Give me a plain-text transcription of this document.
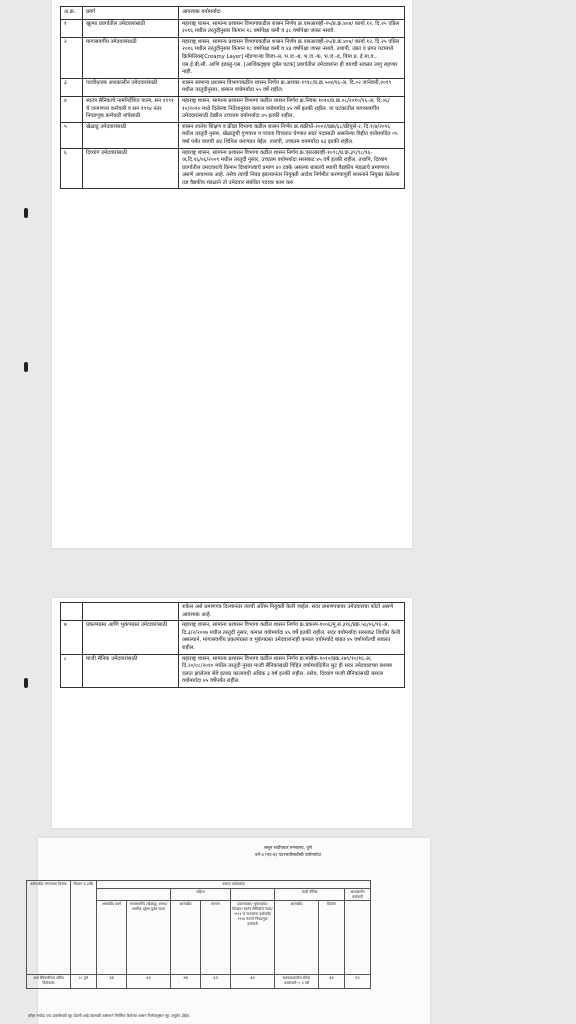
अ.क्र.	प्रवर्ग	आवश्यक वयोमर्यादा
१	खुल्या प्रवर्गातील उमेदवारांसाठी	महाराष्ट्र शासन, सामान्य प्रशासन विभागाकडील शासन निर्णय क्र.एसआरव्ही-२५/प्र.क्र.४०४/ कार्या.१२, दि.२५ एप्रिल २०१६ मधील तरतुदीनुसार किमान १८ वर्षापेक्षा कमी व ३८ वर्षापेक्षा जास्त नसावे.
२	मागासवर्गीय उमेदवारांसाठी	महाराष्ट्र शासन, सामान्य प्रशासन विभागाकडील शासन निर्णय क्र.एसआरव्ही-२५/प्र.क्र.४०४/ कार्या.१२, दि.२५ एप्रिल २०१६ मधील तरतुदीनुसार किमान १८ वर्षापेक्षा कमी व ४३ वर्षापेक्षा जास्त नसावे. तथापी, उन्नत व प्रगत गटामध्ये क्रिमिलियर[Creamy Layer] मोडणाऱ्या विजा-अ, भ.ज.-ब, भ.ज.-क, भ.ज.-ड, विमा.प्र. ई.मा.व., एस.ई.बी.सी. आणि इडब्लु-एस. [आर्थिकदृष्ट्या दुर्बल घटक] प्रवर्गातील उमेदवारांना ही वयाची सवलत लागु राहणार नाही.
३	पदवीधारक अंशकालीन उमेदवारांसाठी	शासन सामान्य प्रशासन विभागाकडील शासन निर्णय क्र.अंशका-१९१८/प्र.क्र.५०४/१६-अ, दि.०२ जानेवारी,२०१९ मधील तरतुदीनुसार, कमाल वयोमर्यादा ५५ वर्षे राहील.
४	स्वतंत्र सैनिकाचे नामनिर्देशित पाल्य, सन १९९१ चे जनगणना कर्मचारी व सन १९९४ नंतर निवडणूक कर्मचारी यांचेसाठी	महाराष्ट्र शासन, सामान्य प्रशासन विभागा कडील शासन निर्णय क्र.निवक १०१०/प्र.क्र.०८/२०१०/१६-अ, दि.०६/ १०/२०१० मध्ये दिलेल्या निर्देशानुसार कमाल वयोमर्यादा ४५ वर्षे इतकी राहील. या घटकातील मागासवर्गीय उमेदवारांसाठी देखील उच्चत्तम वयोमर्यादा ४५ इतकी राहील.
५	खेळाडू उमेदवारांसाठी	शासन शालेय शिक्षण व क्रीडा विभागा कडील शासन निर्णय क्र.राक्रीधो-२००२/प्रक्र/६८/क्रीयुसे-२, दि.१/७/२०१६ मधील तरतुदी नुसार, खेळाडूची गुणवत्ता व पात्रता विचारात घेण्यात सदर पदासाठी असलेल्या विहीत वयोमर्यादेत ०५ वर्षा पर्यंत वयाची अट शिथिल करण्यात येईल. तथापी, उच्चतम वयमर्यादा ४३ इतकी राहील.
६	दिव्यांग उमेदवारांसाठी	महाराष्ट्र शासन, सामान्य प्रशासन विभागा कडील शासन निर्णय क्र.एसआरव्ही-१०९८/प्र.क्र.३९/९८/१६-अ,दि.१६/०६/२००१ मधील तरतुदी नुसार, उच्चतम वयोमर्यादा सरसकट ४५ वर्षे इतकी राहील. तथापि, दिव्यांग प्रवर्गातील उमदवारांचे किमान दिव्यांगत्वाचे प्रमाण ४० टक्के असल्या बाबतचे स्थायी वैद्यकीय मंडळाचे प्रमाणपत्र असणे आवश्यक आहे. तसेच त्यांची निवड झाल्यानंतर नियुक्ती आदेश निर्गमीत करण्यापुर्वी शासनाने नियुक्त केलेल्या तज्ञ वैद्यकीय मंडळाने तो उमेदवार संबंधित पदावर काम करु
		शकेल असे प्रमाणपत्र दिल्यानंतर त्याची अंतिम नियुक्ती केली जाईल. सदर प्रमाणपत्रावर उमेदवाराचा फोटो असणे आवश्यक आहे.
७	प्रकल्पग्रस्त आणि भुकंपग्रस्त उमेदवारांसाठी	महाराष्ट्र शासन, सामान्य प्रशासन विभागा कडील शासन निर्णय क्र.प्रकल्प-१००६/मु.स.३९६/प्रक्र.५६/०६/१६-अ, दि.३/२/२००७ मधील तरतुदी नुसार, कमाल वयोमर्यादा ४५ वर्षे इतकी राहील. सदर वयोमर्यादा सरसकट शिथील केली असल्याने, मागासवर्गीय प्रकल्पग्रस्त व भुकंपग्रस्त उमेदवारांनाही कमाल वयोमर्यादे बाबत ४५ वर्षापर्यंतची सवलत राहील.
८	माजी सैनिक उमेदवारांसाठी	महाराष्ट्र शासन, सामान्य प्रशासन विभागा कडील शासन निर्णय क्र.मासैक-१०१०/प्रक्र.२७९/१०/१६-अ, दि.२०/०८/२०१० मधील तरतुदी नुसार माजी सैनिकांसाठी विहित वयोमर्यादेतील सुट ही सदर उमेदवाराच्या सशस्त्र दलात झालेल्या सेवे इतका कालावधी अधिक ३ वर्ष इतकी राहील. तसेच, दिव्यांग माजी सैनिकांसाठी कमाल वयोमर्यादा ४५ वर्षेपर्यंत राहील.
ससून सर्वोपचार रुग्णालय, पुणे
वर्ग-४ (गट-ड) पदभरतीसाठीची वयोमर्यादा
वयोमर्यादा गणण्याचा दिनांक	किमान व.(वर्षे)	कमाल वयोमर्यादा							
				महिला			माजी सैनिक		अंशकालीन कर्मचारी
		आराखीव प्रवर्ग	मागासवर्गीय /खेळाडू/ अनाथ/ आर्थिक दृष्ट्या दुर्बल घटक	आराखीव	मागास	प्रकल्पग्रस्त/ भुकंपग्रस्त/ दिव्यांग/ स्वतंत्र सैनिकांचे पाल्य/ १९९१ चे जनगणना कर्मचारी/ १९९४ नंतरचे निवडणूक कर्मचारी	आराखीव	दिव्यांग	
अर्ज स्विकारीच्या अंतिम दिनांकास	१८ पुर्ण	38	43	38	43	45	सशस्त्रदलातील सेवेचा कालावधी + ३ वर्षे	45	55
वरील मर्यादा ज्या प्रवर्गांसाठी सुट घेतली आहे त्यासाठी शासनाने निर्गमित केलेल्या शासन निर्णयानुसार सुट अनुज्ञेय होईल.
